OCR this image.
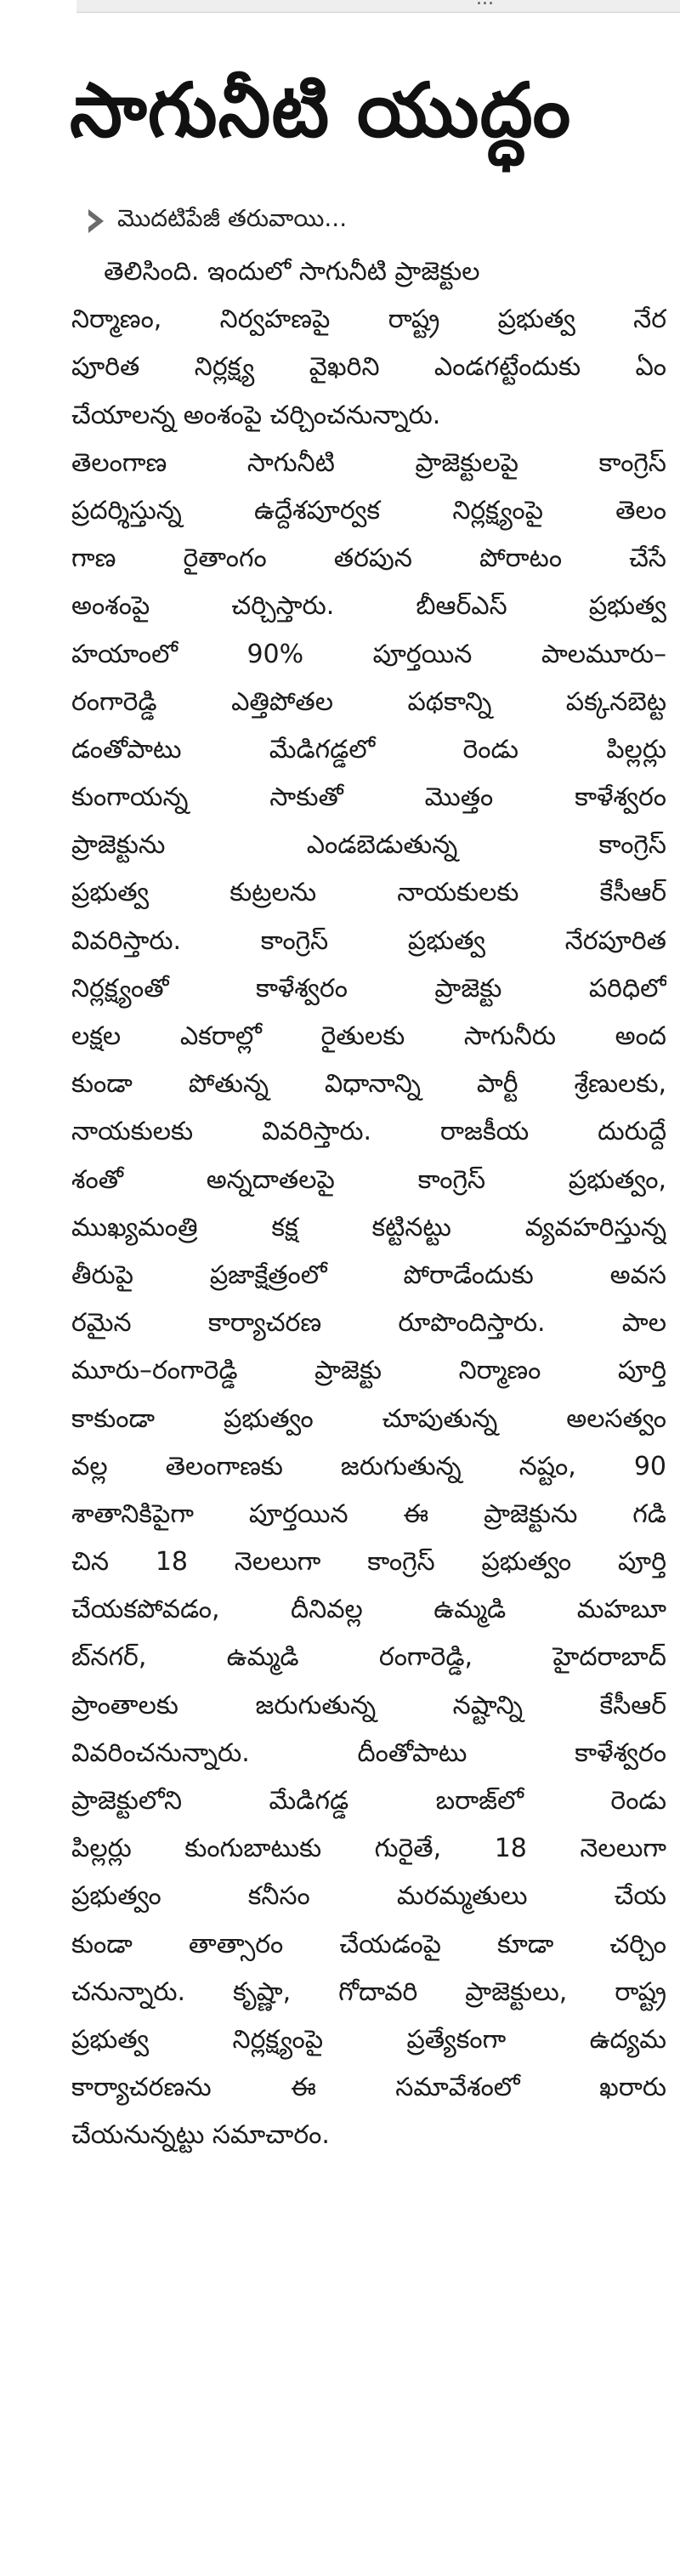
సాగునీటి యుద్ధం
మొదటిపేజీ తరువాయి...
తెలిసింది. ఇందులో సాగునీటి ప్రాజెక్టుల
నిర్మాణం, నిర్వహణపై రాష్ట్ర ప్రభుత్వ నేర
పూరిత నిర్లక్ష్య వైఖరిని ఎండగట్టేందుకు ఏం
చేయాలన్న అంశంపై చర్చించనున్నారు.
తెలంగాణ సాగునీటి ప్రాజెక్టులపై కాంగ్రెస్
ప్రదర్శిస్తున్న ఉద్దేశపూర్వక నిర్లక్ష్యంపై తెలం
గాణ రైతాంగం తరపున పోరాటం చేసే
అంశంపై చర్చిస్తారు. బీఆర్ఎస్ ప్రభుత్వ
హయాంలో 90% పూర్తయిన పాలమూరు–
రంగారెడ్డి ఎత్తిపోతల పథకాన్ని పక్కనబెట్ట
డంతోపాటు మేడిగడ్డలో రెండు పిల్లర్లు
కుంగాయన్న సాకుతో మొత్తం కాళేశ్వరం
ప్రాజెక్టును ఎండబెడుతున్న కాంగ్రెస్
ప్రభుత్వ కుట్రలను నాయకులకు కేసీఆర్
వివరిస్తారు. కాంగ్రెస్ ప్రభుత్వ నేరపూరిత
నిర్లక్ష్యంతో కాళేశ్వరం ప్రాజెక్టు పరిధిలో
లక్షల ఎకరాల్లో రైతులకు సాగునీరు అంద
కుండా పోతున్న విధానాన్ని పార్టీ శ్రేణులకు,
నాయకులకు వివరిస్తారు. రాజకీయ దురుద్దే
శంతో అన్నదాతలపై కాంగ్రెస్ ప్రభుత్వం,
ముఖ్యమంత్రి కక్ష కట్టినట్టు వ్యవహరిస్తున్న
తీరుపై ప్రజాక్షేత్రంలో పోరాడేందుకు అవస
రమైన కార్యాచరణ రూపొందిస్తారు. పాల
మూరు–రంగారెడ్డి ప్రాజెక్టు నిర్మాణం పూర్తి
కాకుండా ప్రభుత్వం చూపుతున్న అలసత్వం
వల్ల తెలంగాణకు జరుగుతున్న నష్టం, 90
శాతానికిపైగా పూర్తయిన ఈ ప్రాజెక్టును గడి
చిన 18 నెలలుగా కాంగ్రెస్ ప్రభుత్వం పూర్తి
చేయకపోవడం, దీనివల్ల ఉమ్మడి మహబూ
బ్‌నగర్, ఉమ్మడి రంగారెడ్డి, హైదరాబాద్
ప్రాంతాలకు జరుగుతున్న నష్టాన్ని కేసీఆర్
వివరించనున్నారు. దీంతోపాటు కాళేశ్వరం
ప్రాజెక్టులోని మేడిగడ్డ బరాజ్‌లో రెండు
పిల్లర్లు కుంగుబాటుకు గురైతే, 18 నెలలుగా
ప్రభుత్వం కనీసం మరమ్మతులు చేయ
కుండా తాత్సారం చేయడంపై కూడా చర్చిం
చనున్నారు. కృష్ణా, గోదావరి ప్రాజెక్టులు, రాష్ట్ర
ప్రభుత్వ నిర్లక్ష్యంపై ప్రత్యేకంగా ఉద్యమ
కార్యాచరణను ఈ సమావేశంలో ఖరారు
చేయనున్నట్టు సమాచారం.
